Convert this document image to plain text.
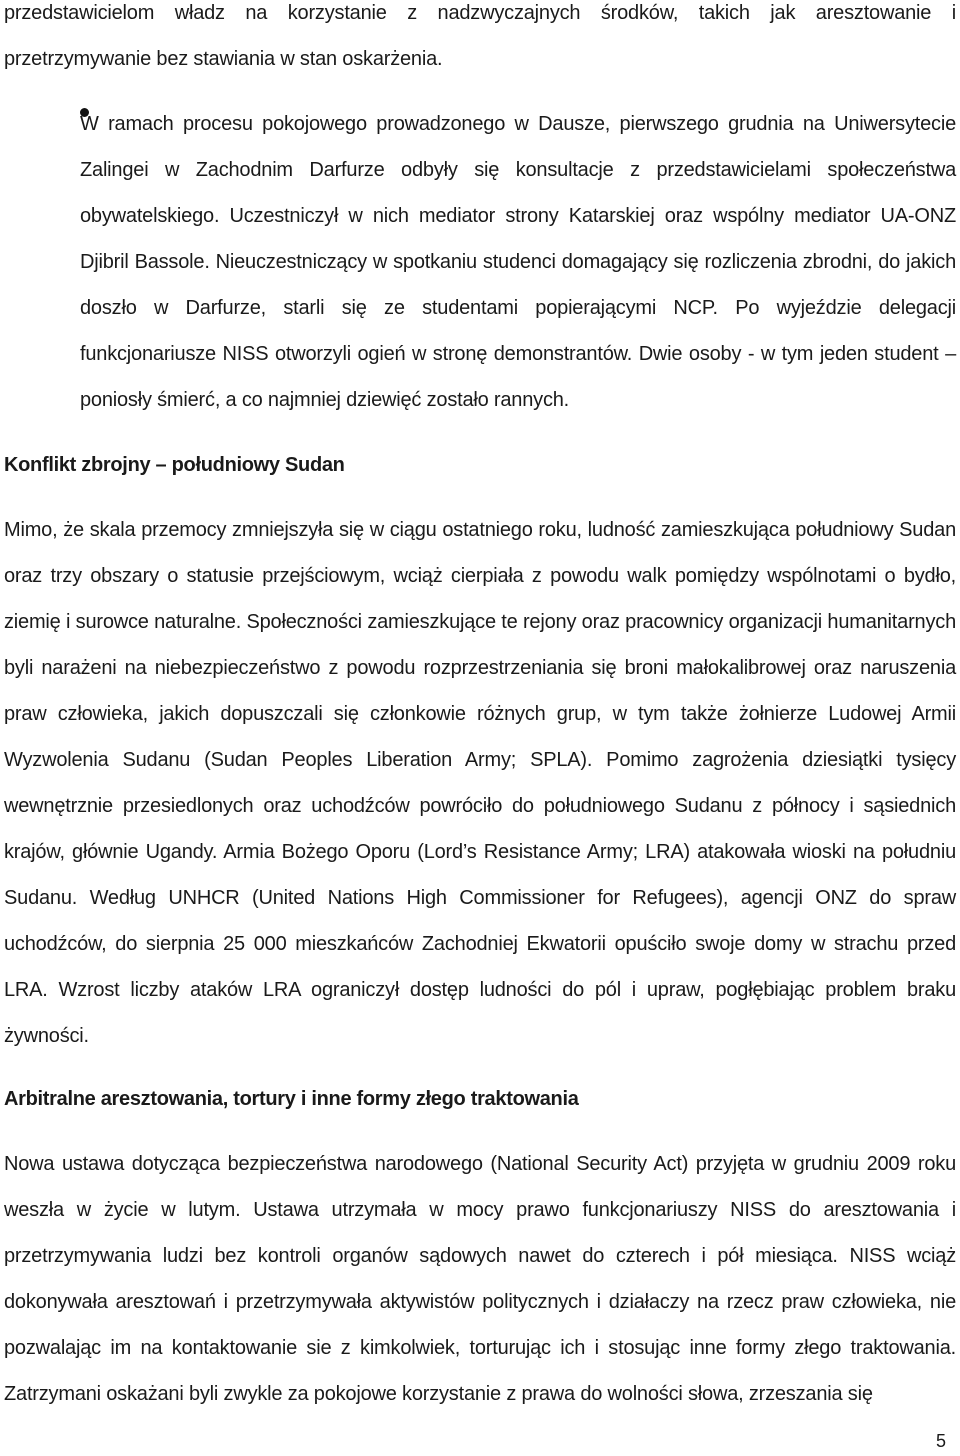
przedstawicielom władz na korzystanie z nadzwyczajnych środków, takich jak aresztowanie i przetrzymywanie bez stawiania w stan oskarżenia.

W ramach procesu pokojowego prowadzonego w Dausze, pierwszego grudnia na Uniwersytecie Zalingei w Zachodnim Darfurze odbyły się konsultacje z przedstawicielami społeczeństwa obywatelskiego. Uczestniczył w nich mediator strony Katarskiej oraz wspólny mediator UA-ONZ Djibril Bassole. Nieuczestniczący w spotkaniu studenci domagający się rozliczenia zbrodni, do jakich doszło w Darfurze, starli się ze studentami popierającymi NCP. Po wyjeździe delegacji funkcjonariusze NISS otworzyli ogień w stronę demonstrantów. Dwie osoby - w tym jeden student – poniosły śmierć, a co najmniej dziewięć zostało rannych.

Konflikt zbrojny – południowy Sudan

Mimo, że skala przemocy zmniejszyła się w ciągu ostatniego roku, ludność zamieszkująca południowy Sudan oraz trzy obszary o statusie przejściowym, wciąż cierpiała z powodu walk pomiędzy wspólnotami o bydło, ziemię i surowce naturalne. Społeczności zamieszkujące te rejony oraz pracownicy organizacji humanitarnych byli narażeni na niebezpieczeństwo z powodu rozprzestrzeniania się broni małokalibrowej oraz naruszenia praw człowieka, jakich dopuszczali się członkowie różnych grup, w tym także żołnierze Ludowej Armii Wyzwolenia Sudanu (Sudan Peoples Liberation Army; SPLA). Pomimo zagrożenia dziesiątki tysięcy wewnętrznie przesiedlonych oraz uchodźców powróciło do południowego Sudanu z północy i sąsiednich krajów, głównie Ugandy. Armia Bożego Oporu (Lord’s Resistance Army; LRA) atakowała wioski na południu Sudanu. Według UNHCR (United Nations High Commissioner for Refugees), agencji ONZ do spraw uchodźców, do sierpnia 25 000 mieszkańców Zachodniej Ekwatorii opuściło swoje domy w strachu przed LRA. Wzrost liczby ataków LRA ograniczył dostęp ludności do pól i upraw, pogłębiając problem braku żywności.

Arbitralne aresztowania, tortury i inne formy złego traktowania

Nowa ustawa dotycząca bezpieczeństwa narodowego (National Security Act) przyjęta w grudniu 2009 roku weszła w życie w lutym. Ustawa utrzymała w mocy prawo funkcjonariuszy NISS do aresztowania i przetrzymywania ludzi bez kontroli organów sądowych nawet do czterech i pół miesiąca. NISS wciąż dokonywała aresztowań i przetrzymywała aktywistów politycznych i działaczy na rzecz praw człowieka, nie pozwalając im na kontaktowanie sie z kimkolwiek, torturując ich i stosując inne formy złego traktowania. Zatrzymani oskażani byli zwykle za pokojowe korzystanie z prawa do wolności słowa, zrzeszania się

5
